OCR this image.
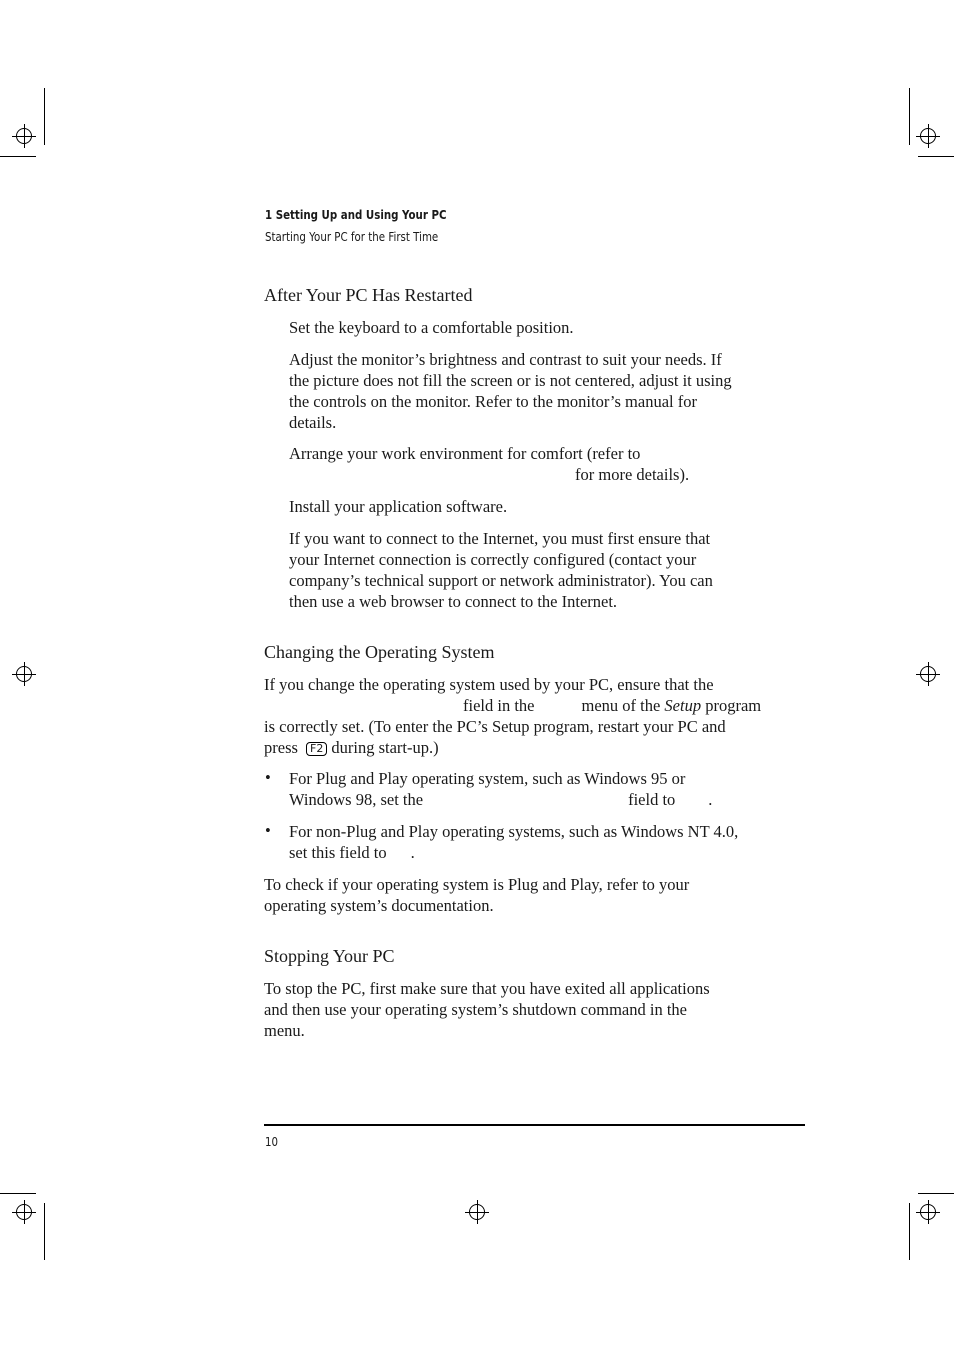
1 Setting Up and Using Your PC
Starting Your PC for the First Time
After Your PC Has Restarted
Set the keyboard to a comfortable position.
Adjust the monitor’s brightness and contrast to suit your needs. If
the picture does not fill the screen or is not centered, adjust it using
the controls on the monitor. Refer to the monitor’s manual for
details.
Arrange your work environment for comfort (refer to
for more details).
Install your application software.
If you want to connect to the Internet, you must first ensure that
your Internet connection is correctly configured (contact your
company’s technical support or network administrator). You can
then use a web browser to connect to the Internet.
Changing the Operating System
If you change the operating system used by your PC, ensure that the
field in the	menu of the Setup program
is correctly set. (To enter the PC’s Setup program, restart your PC and
press F2 during start-up.)
• For Plug and Play operating system, such as Windows 95 or
Windows 98, set the	field to .
• For non-Plug and Play operating systems, such as Windows NT 4.0,
set this field to .
To check if your operating system is Plug and Play, refer to your
operating system’s documentation.
Stopping Your PC
To stop the PC, first make sure that you have exited all applications
and then use your operating system’s shutdown command in the
menu.
10
